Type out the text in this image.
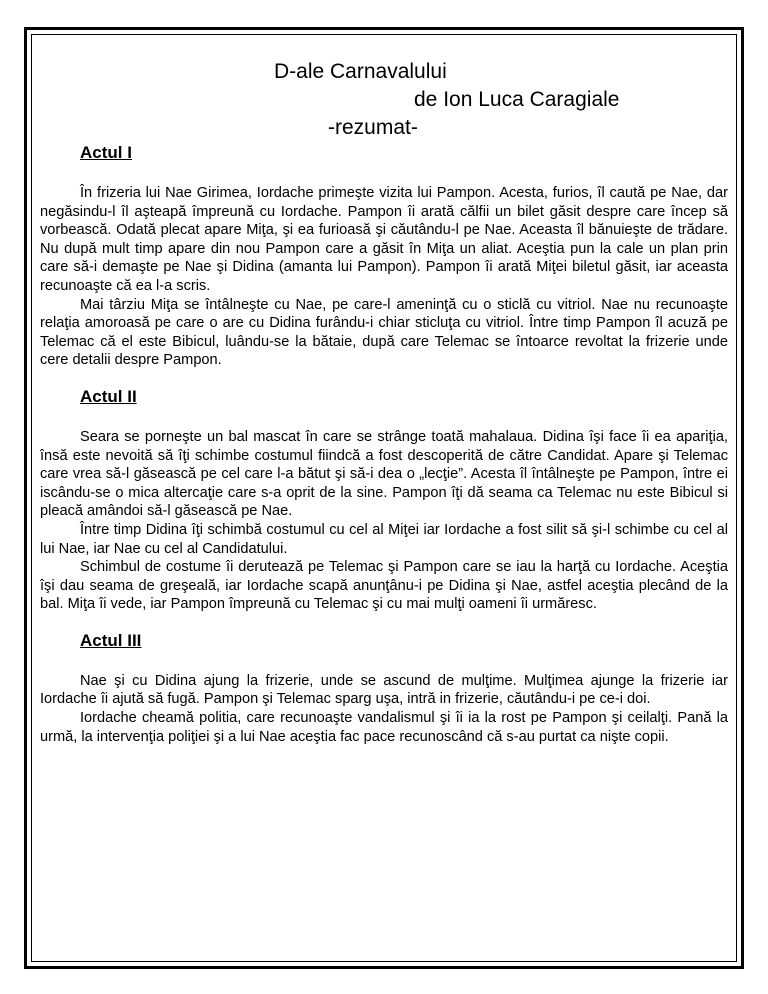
D-ale Carnavalului

de Ion Luca Caragiale

-rezumat-

Actul I

În frizeria lui Nae Girimea, Iordache primeşte vizita lui Pampon. Acesta, furios, îl caută pe Nae, dar negăsindu-l îl aşteapă împreună cu Iordache. Pampon îi arată călfii un bilet găsit despre care încep să vorbească. Odată plecat apare Miţa, şi ea furioasă şi căutându-l pe Nae. Aceasta îl bănuieşte de trădare. Nu după mult timp apare din nou Pampon care a găsit în Miţa un aliat. Aceştia pun la cale un plan prin care să-i demaşte pe Nae şi Didina (amanta lui Pampon). Pampon îi arată Miţei biletul găsit, iar aceasta recunoaşte că ea l-a scris.

Mai târziu Miţa se întâlneşte cu Nae, pe care-l ameninţă cu o sticlă cu vitriol. Nae nu recunoaşte relaţia amoroasă pe care o are cu Didina furându-i chiar sticluţa cu vitriol. Între timp Pampon îl acuză pe Telemac că el este Bibicul, luându-se la bătaie, după care Telemac se întoarce revoltat la frizerie unde cere detalii despre Pampon.

Actul II

Seara se porneşte un bal mascat în care se strânge toată mahalaua. Didina îşi face îi ea apariţia, însă este nevoită să îţi schimbe costumul fiindcă a fost descoperită de către Candidat. Apare şi Telemac care vrea să-l găsească pe cel care l-a bătut şi să-i dea o „lecţie”. Acesta îl întâlneşte pe Pampon, între ei iscându-se o mica altercaţie care s-a oprit de la sine. Pampon îţi dă seama ca Telemac nu este Bibicul si pleacă amândoi să-l găsească pe Nae.

Între timp Didina îţi schimbă costumul cu cel al Miţei iar Iordache a fost silit să şi-l schimbe cu cel al lui Nae, iar Nae cu cel al Candidatului.

Schimbul de costume îi derutează pe Telemac şi Pampon care se iau la harţă cu Iordache. Aceştia îşi dau seama de greşeală, iar Iordache scapă anunţânu-i pe Didina şi Nae, astfel aceştia plecând de la bal. Miţa îi vede, iar Pampon împreună cu Telemac şi cu mai mulţi oameni îi urmăresc.

Actul III

Nae şi cu Didina ajung la frizerie, unde se ascund de mulţime. Mulţimea ajunge la frizerie iar Iordache îi ajută să fugă. Pampon şi Telemac sparg uşa, intră in frizerie, căutându-i pe ce-i doi.

Iordache cheamă politia, care recunoaşte vandalismul şi îi ia la rost pe Pampon şi ceilalţi. Pană la urmă, la intervenţia poliţiei şi a lui Nae aceştia fac pace recunoscând că s-au purtat ca nişte copii.
